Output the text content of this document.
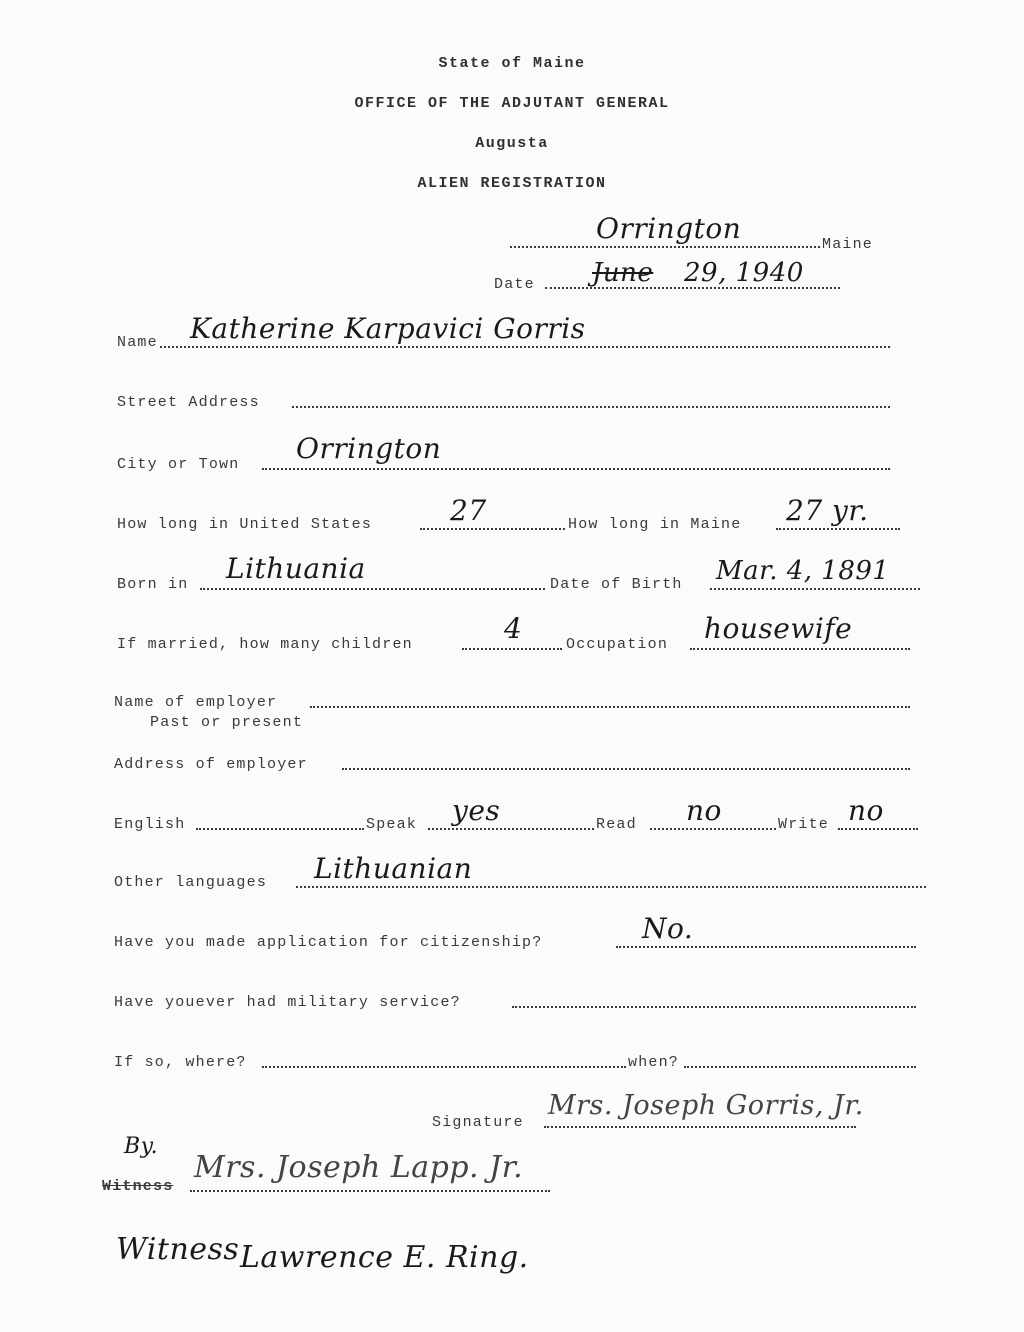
State of Maine
OFFICE OF THE ADJUTANT GENERAL
Augusta
ALIEN REGISTRATION
Orrington	Maine
Date June 29, 1940
Name Katherine Karpavici Gorris
Street Address
City or Town Orrington
How long in United States	27	How long in Maine 27 yr.
Born in Lithuania	Date of Birth Mar. 4, 1891
If married, how many children	4	Occupation housewife
Name of employer
Past or present
Address of employer
English	Speak yes	Read no	Write no
Other languages Lithuanian
Have you made application for citizenship?	No.
Have youever had military service?
If so, where?	when?
Signature
Mrs. Joseph Gorris, Jr.
By.
Witness
Mrs. Joseph Lapp. Jr.
Witness Lawrence E. Ring.
